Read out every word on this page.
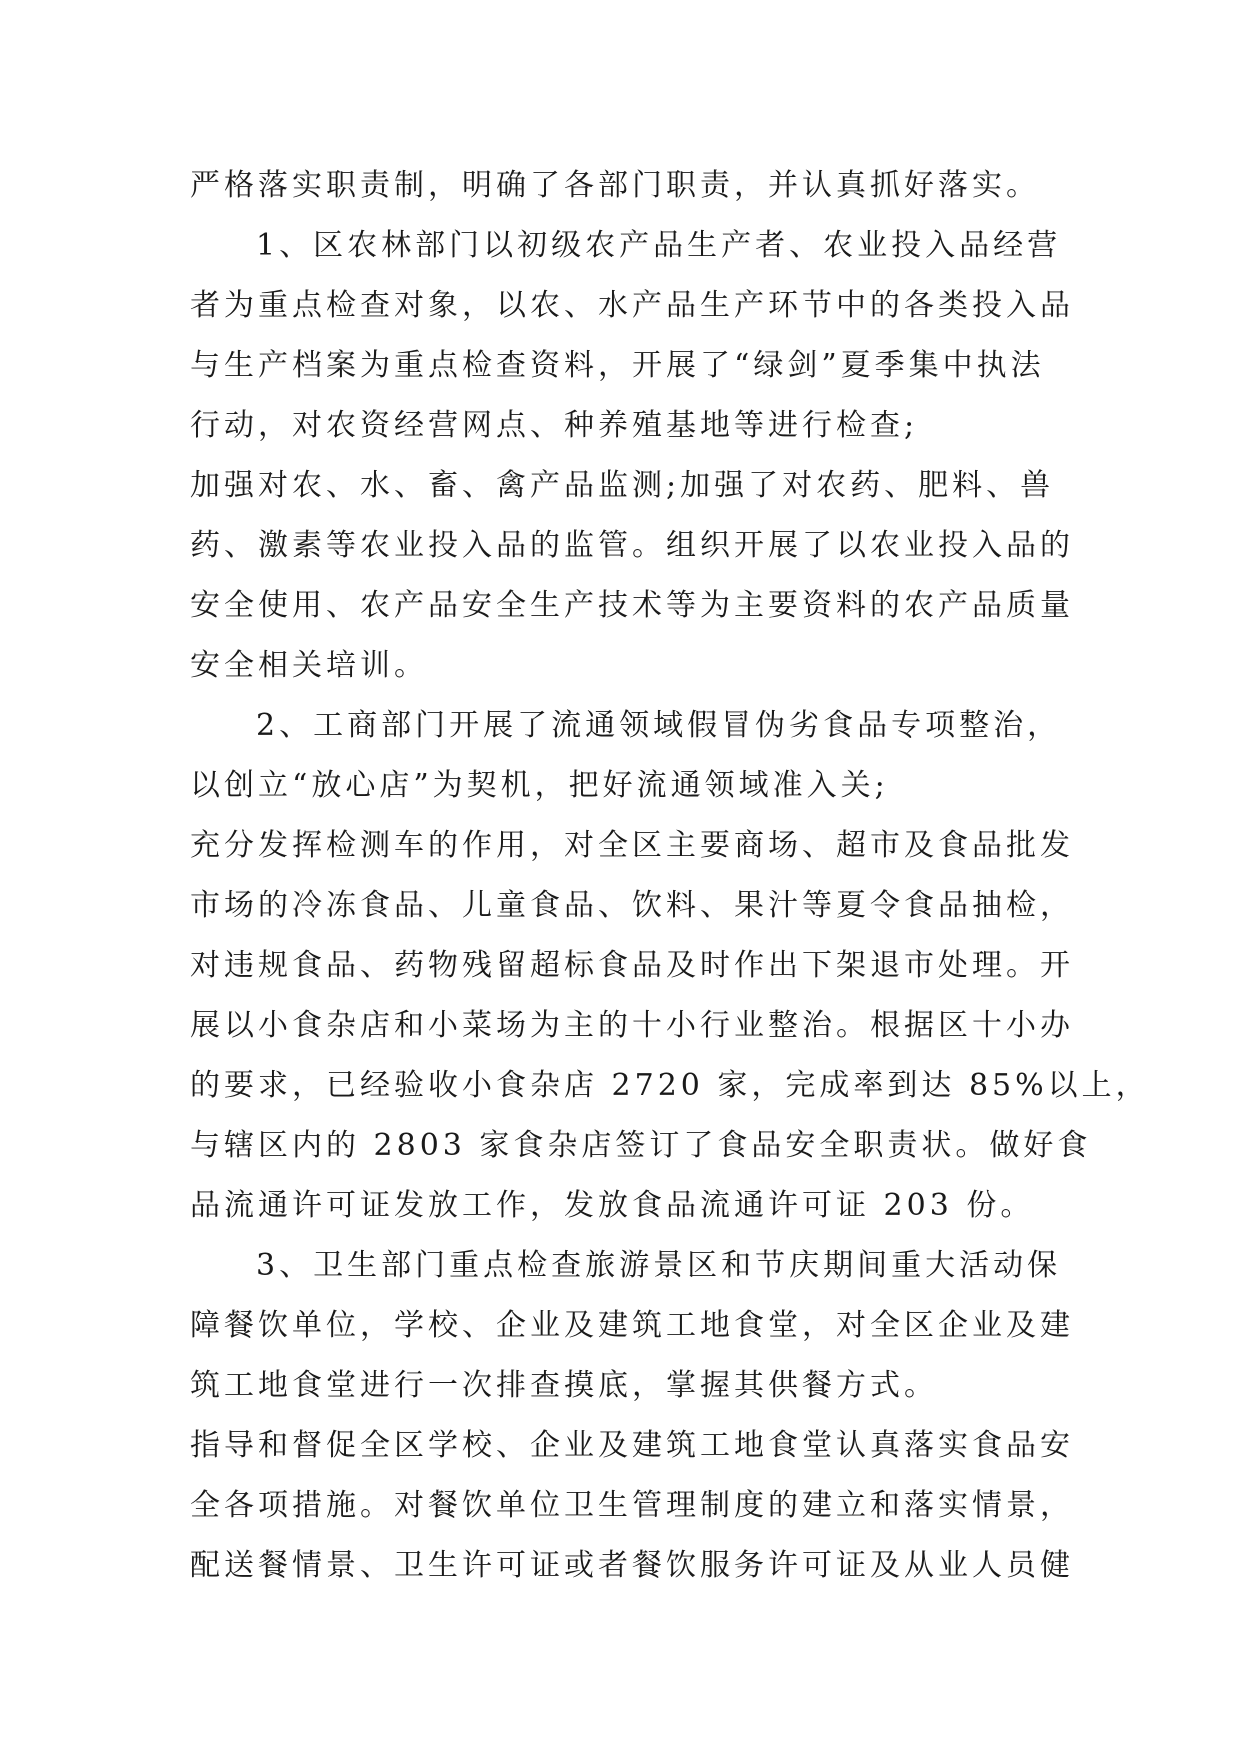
严格落实职责制，明确了各部门职责，并认真抓好落实。
1、区农林部门以初级农产品生产者、农业投入品经营
者为重点检查对象，以农、水产品生产环节中的各类投入品
与生产档案为重点检查资料，开展了“绿剑”夏季集中执法
行动，对农资经营网点、种养殖基地等进行检查;
加强对农、水、畜、禽产品监测;加强了对农药、肥料、兽
药、激素等农业投入品的监管。组织开展了以农业投入品的
安全使用、农产品安全生产技术等为主要资料的农产品质量
安全相关培训。
2、工商部门开展了流通领域假冒伪劣食品专项整治，
以创立“放心店”为契机，把好流通领域准入关;
充分发挥检测车的作用，对全区主要商场、超市及食品批发
市场的冷冻食品、儿童食品、饮料、果汁等夏令食品抽检，
对违规食品、药物残留超标食品及时作出下架退市处理。开
展以小食杂店和小菜场为主的十小行业整治。根据区十小办
的要求，已经验收小食杂店 2720 家，完成率到达 85%以上，
与辖区内的 2803 家食杂店签订了食品安全职责状。做好食
品流通许可证发放工作，发放食品流通许可证 203 份。
3、卫生部门重点检查旅游景区和节庆期间重大活动保
障餐饮单位，学校、企业及建筑工地食堂，对全区企业及建
筑工地食堂进行一次排查摸底，掌握其供餐方式。
指导和督促全区学校、企业及建筑工地食堂认真落实食品安
全各项措施。对餐饮单位卫生管理制度的建立和落实情景，
配送餐情景、卫生许可证或者餐饮服务许可证及从业人员健
